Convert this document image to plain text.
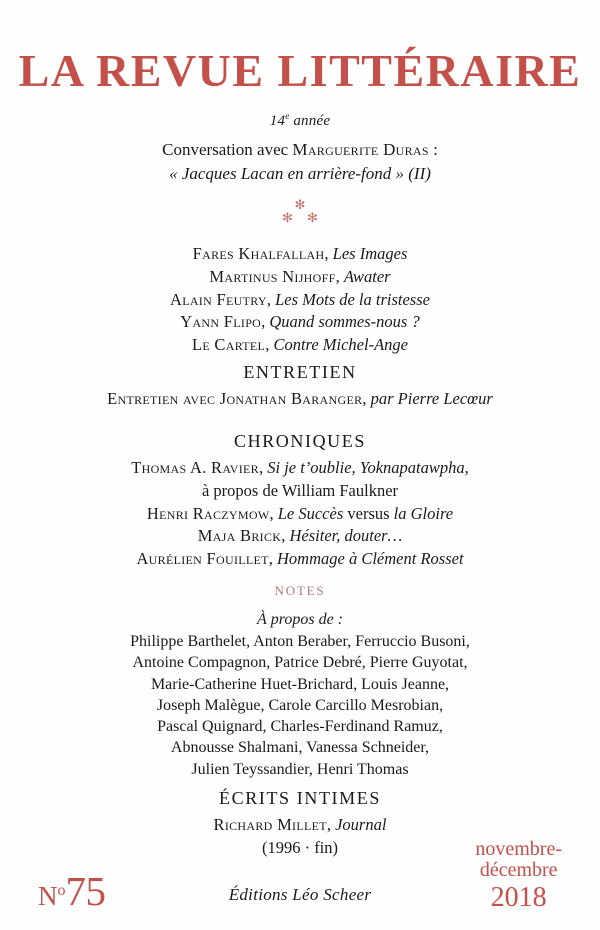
LA REVUE LITTÉRAIRE
14e année
Conversation avec Marguerite Duras :
« Jacques Lacan en arrière-fond » (II)
✻
✻ ✻
Fares Khalfallah, Les Images
Martinus Nijhoff, Awater
Alain Feutry, Les Mots de la tristesse
Yann Flipo, Quand sommes-nous ?
Le Cartel, Contre Michel-Ange
ENTRETIEN
Entretien avec Jonathan Baranger, par Pierre Lecœur
CHRONIQUES
Thomas A. Ravier, Si je t’oublie, Yoknapatawpha,
à propos de William Faulkner
Henri Raczymow, Le Succès versus la Gloire
Maja Brick, Hésiter, douter…
Aurélien Fouillet, Hommage à Clément Rosset
NOTES
À propos de :
Philippe Barthelet, Anton Beraber, Ferruccio Busoni,
Antoine Compagnon, Patrice Debré, Pierre Guyotat,
Marie-Catherine Huet-Brichard, Louis Jeanne,
Joseph Malègue, Carole Carcillo Mesrobian,
Pascal Quignard, Charles-Ferdinand Ramuz,
Abnousse Shalmani, Vanessa Schneider,
Julien Teyssandier, Henri Thomas
ÉCRITS INTIMES
Richard Millet, Journal
(1996 · fin)
$N^o75$	Éditions Léo Scheer
novembre-
décembre
2018
